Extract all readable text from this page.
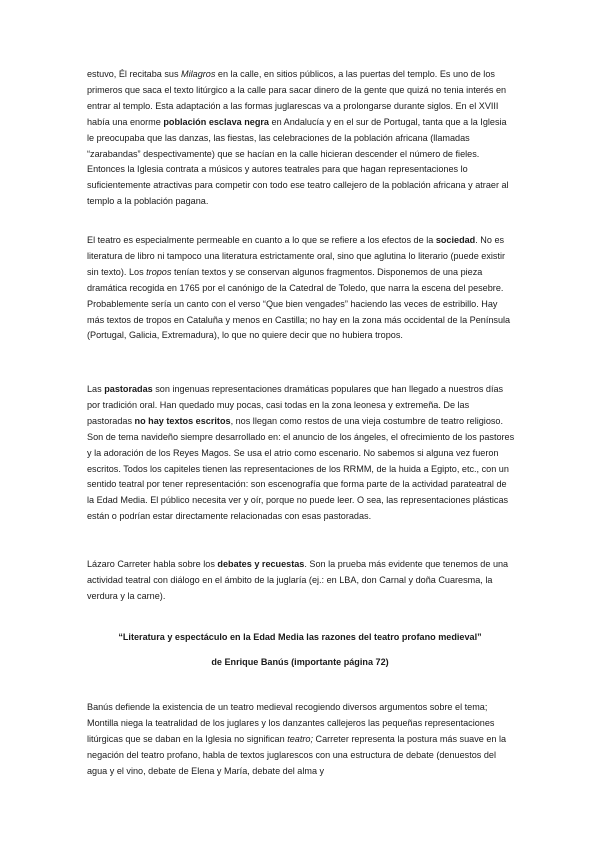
estuvo, Él recitaba sus Milagros en la calle, en sitios públicos, a las puertas del templo. Es uno de los primeros que saca el texto litúrgico a la calle para sacar dinero de la gente que quizá no tenia interés en entrar al templo. Esta adaptación a las formas juglarescas va a prolongarse durante siglos. En el XVIII había una enorme población esclava negra en Andalucía y en el sur de Portugal, tanta que a la Iglesia le preocupaba que las danzas, las fiestas, las celebraciones de la población africana (llamadas “zarabandas” despectivamente) que se hacían en la calle hicieran descender el número de fieles. Entonces la Iglesia contrata a músicos y autores teatrales para que hagan representaciones lo suficientemente atractivas para competir con todo ese teatro callejero de la población africana y atraer al templo a la población pagana.

El teatro es especialmente permeable en cuanto a lo que se refiere a los efectos de la sociedad. No es literatura de libro ni tampoco una literatura estrictamente oral, sino que aglutina lo literario (puede existir sin texto). Los tropos tenían textos y se conservan algunos fragmentos. Disponemos de una pieza dramática recogida en 1765 por el canónigo de la Catedral de Toledo, que narra la escena del pesebre. Probablemente sería un canto con el verso “Que bien vengades” haciendo las veces de estribillo. Hay más textos de tropos en Cataluña y menos en Castilla; no hay en la zona más occidental de la Península (Portugal, Galicia, Extremadura), lo que no quiere decir que no hubiera tropos.

Las pastoradas son ingenuas representaciones dramáticas populares que han llegado a nuestros días por tradición oral. Han quedado muy pocas, casi todas en la zona leonesa y extremeña. De las pastoradas no hay textos escritos, nos llegan como restos de una vieja costumbre de teatro religioso. Son de tema navideño siempre desarrollado en: el anuncio de los ángeles, el ofrecimiento de los pastores y la adoración de los Reyes Magos. Se usa el atrio como escenario. No sabemos si alguna vez fueron escritos. Todos los capiteles tienen las representaciones de los RRMM, de la huida a Egipto, etc., con un sentido teatral por tener representación: son escenografía que forma parte de la actividad parateatral de la Edad Media. El público necesita ver y oír, porque no puede leer. O sea, las representaciones plásticas están o podrían estar directamente relacionadas con esas pastoradas.

Lázaro Carreter habla sobre los debates y recuestas. Son la prueba más evidente que tenemos de una actividad teatral con diálogo en el ámbito de la juglaría (ej.: en LBA, don Carnal y doña Cuaresma, la verdura y la carne).

“Literatura y espectáculo en la Edad Media las razones del teatro profano medieval”

de Enrique Banús (importante página 72)

Banús defiende la existencia de un teatro medieval recogiendo diversos argumentos sobre el tema; Montilla niega la teatralidad de los juglares y los danzantes callejeros las pequeñas representaciones litúrgicas que se daban en la Iglesia no significan teatro; Carreter representa la postura más suave en la negación del teatro profano, habla de textos juglarescos con una estructura de debate (denuestos del agua y el vino, debate de Elena y María, debate del alma y
